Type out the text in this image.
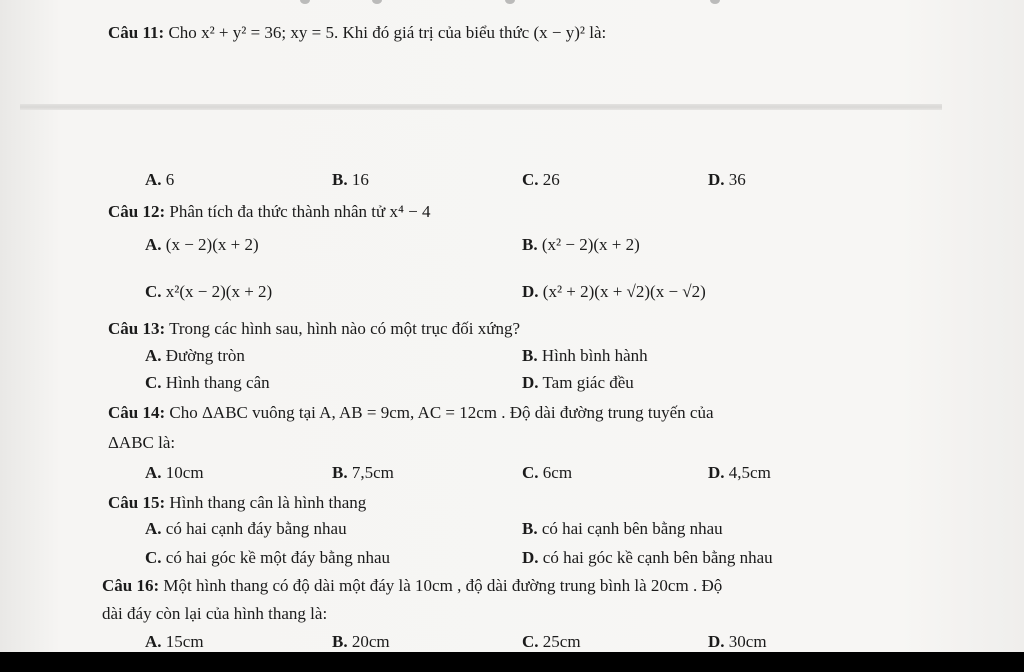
Câu 11: Cho x² + y² = 36; xy = 5. Khi đó giá trị của biểu thức (x − y)² là:
A. 6	B. 16	C. 26	D. 36
Câu 12: Phân tích đa thức thành nhân tử x⁴ − 4
A. (x − 2)(x + 2)	B. (x² − 2)(x + 2)
C. x²(x − 2)(x + 2)	D. (x² + 2)(x + √2)(x − √2)
Câu 13: Trong các hình sau, hình nào có một trục đối xứng?
A. Đường tròn	B. Hình bình hành
C. Hình thang cân	D. Tam giác đều
Câu 14: Cho ΔABC vuông tại A, AB = 9cm, AC = 12cm . Độ dài đường trung tuyến của
ΔABC là:
A. 10cm	B. 7,5cm	C. 6cm	D. 4,5cm
Câu 15: Hình thang cân là hình thang
A. có hai cạnh đáy bằng nhau	B. có hai cạnh bên bằng nhau
C. có hai góc kề một đáy bằng nhau	D. có hai góc kề cạnh bên bằng nhau
Câu 16: Một hình thang có độ dài một đáy là 10cm , độ dài đường trung bình là 20cm . Độ
dài đáy còn lại của hình thang là:
A. 15cm	B. 20cm	C. 25cm	D. 30cm
